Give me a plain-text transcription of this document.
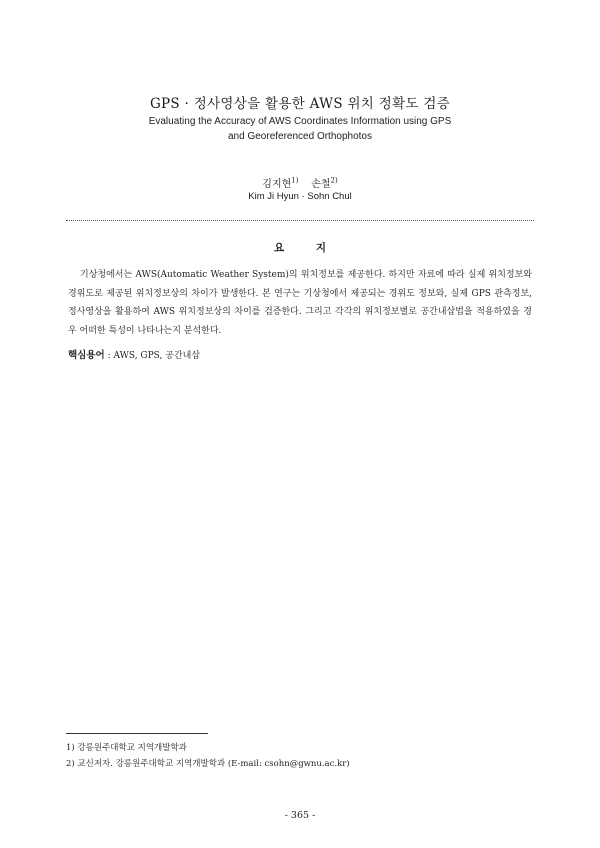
GPS · 정사영상을 활용한 AWS 위치 정확도 검증
Evaluating the Accuracy of AWS Coordinates Information using GPS
and Georeferenced Orthophotos
김지현$^{1)}$ 손철$^{2)}$
Kim Ji Hyun · Sohn Chul
요 지
기상청에서는 AWS(Automatic Weather System)의 위치정보를 제공한다. 하지만 자료에 따라 실제 위치정보와 경위도로 제공된 위치정보상의 차이가 발생한다. 본 연구는 기상청에서 제공되는 경위도 정보와, 실제 GPS 관측정보, 정사영상을 활용하여 AWS 위치정보상의 차이를 검증한다. 그리고 각각의 위치정보별로 공간내삽법을 적용하였을 경우 어떠한 특성이 나타나는지 분석한다.
핵심용어 : AWS, GPS, 공간내삽
1) 강릉원주대학교 지역개발학과
2) 교신저자. 강릉원주대학교 지역개발학과 (E-mail: csohn@gwnu.ac.kr)
- 365 -
